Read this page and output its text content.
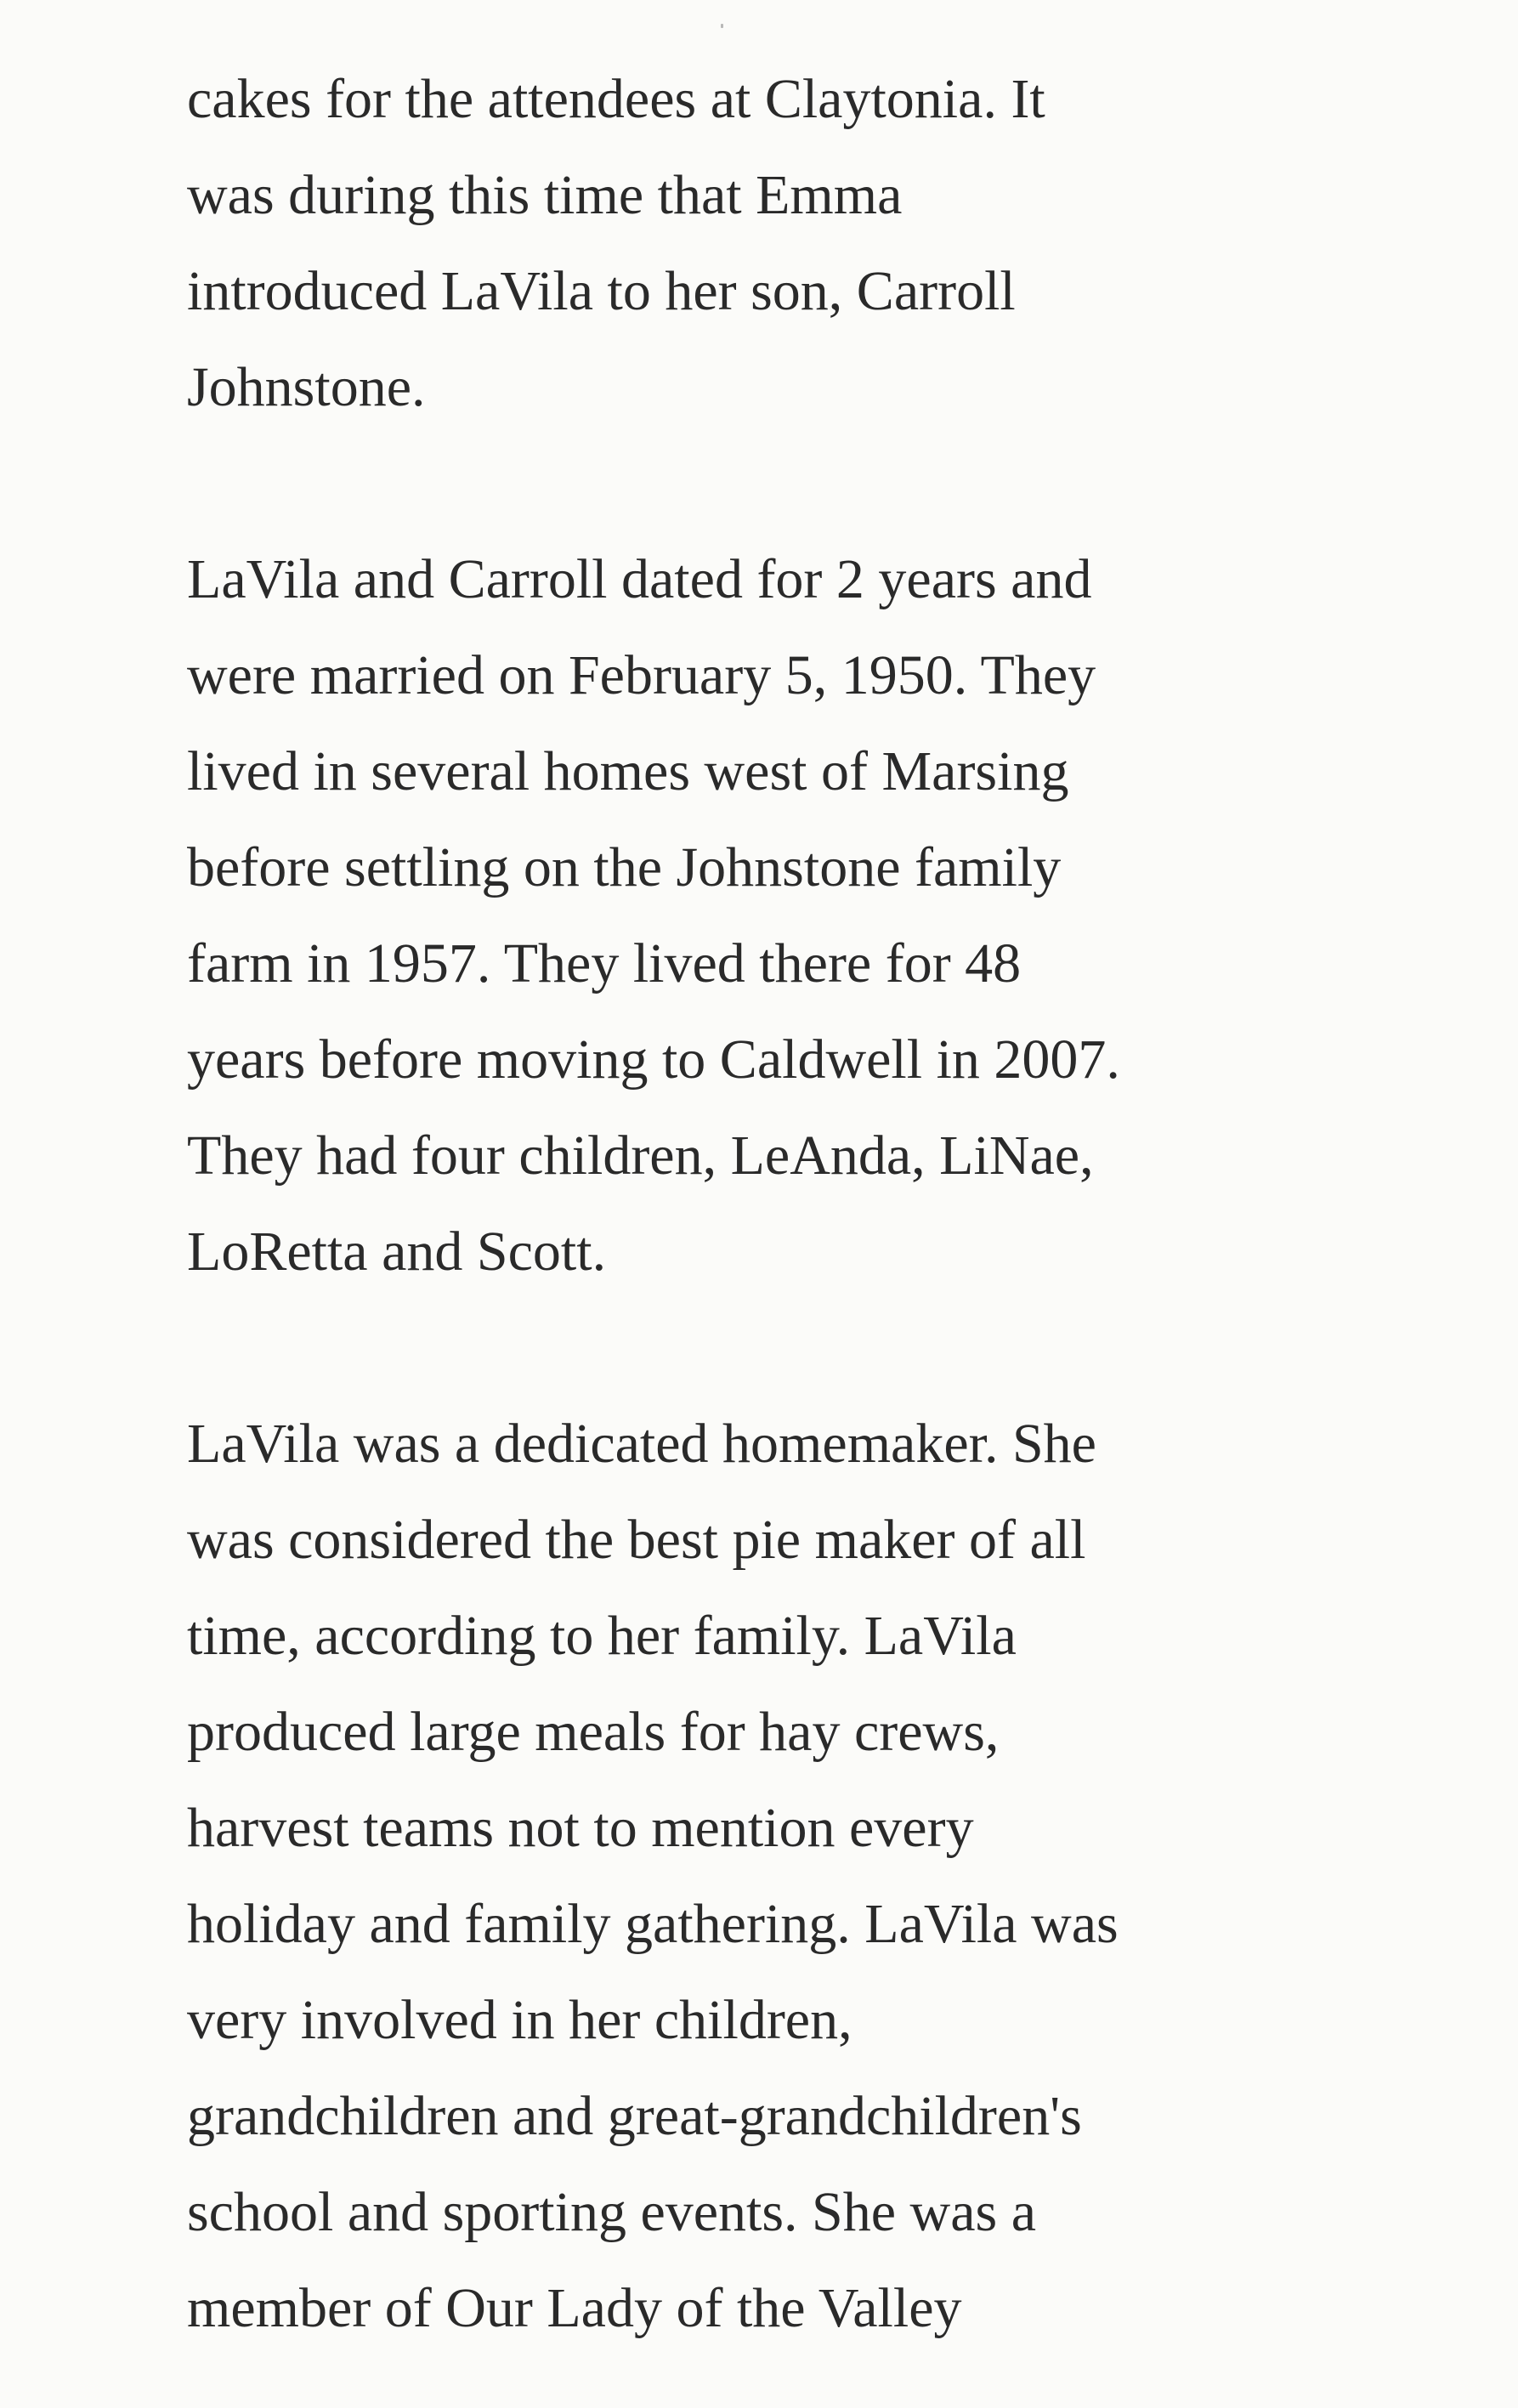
cakes for the attendees at Claytonia. It
was during this time that Emma
introduced LaVila to her son, Carroll
Johnstone.

LaVila and Carroll dated for 2 years and
were married on February 5, 1950. They
lived in several homes west of Marsing
before settling on the Johnstone family
farm in 1957. They lived there for 48
years before moving to Caldwell in 2007.
They had four children, LeAnda, LiNae,
LoRetta and Scott.

LaVila was a dedicated homemaker. She
was considered the best pie maker of all
time, according to her family. LaVila
produced large meals for hay crews,
harvest teams not to mention every
holiday and family gathering. LaVila was
very involved in her children,
grandchildren and great-grandchildren's
school and sporting events. She was a
member of Our Lady of the Valley
